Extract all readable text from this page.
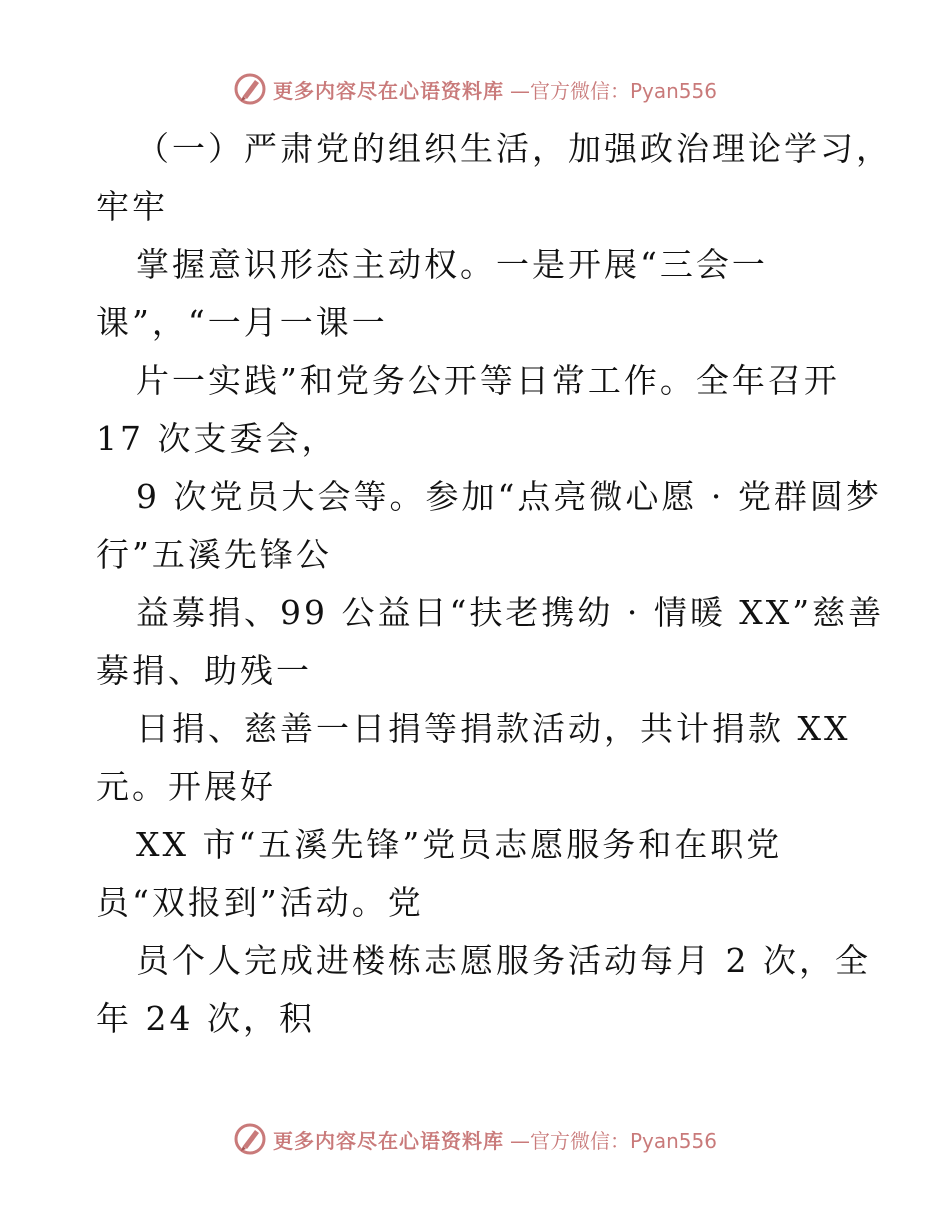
更多内容尽在心语资料库 —官方微信：Pyan556
（一）严肃党的组织生活，加强政治理论学习，
牢牢
掌握意识形态主动权。一是开展“三会一
课”，“一月一课一
片一实践”和党务公开等日常工作。全年召开
17 次支委会，
9 次党员大会等。参加“点亮微心愿 · 党群圆梦
行”五溪先锋公
益募捐、99 公益日“扶老携幼 · 情暖 XX”慈善
募捐、助残一
日捐、慈善一日捐等捐款活动，共计捐款 XX
元。开展好
XX 市“五溪先锋”党员志愿服务和在职党
员“双报到”活动。党
员个人完成进楼栋志愿服务活动每月 2 次，全
年 24 次，积
更多内容尽在心语资料库 —官方微信：Pyan556
